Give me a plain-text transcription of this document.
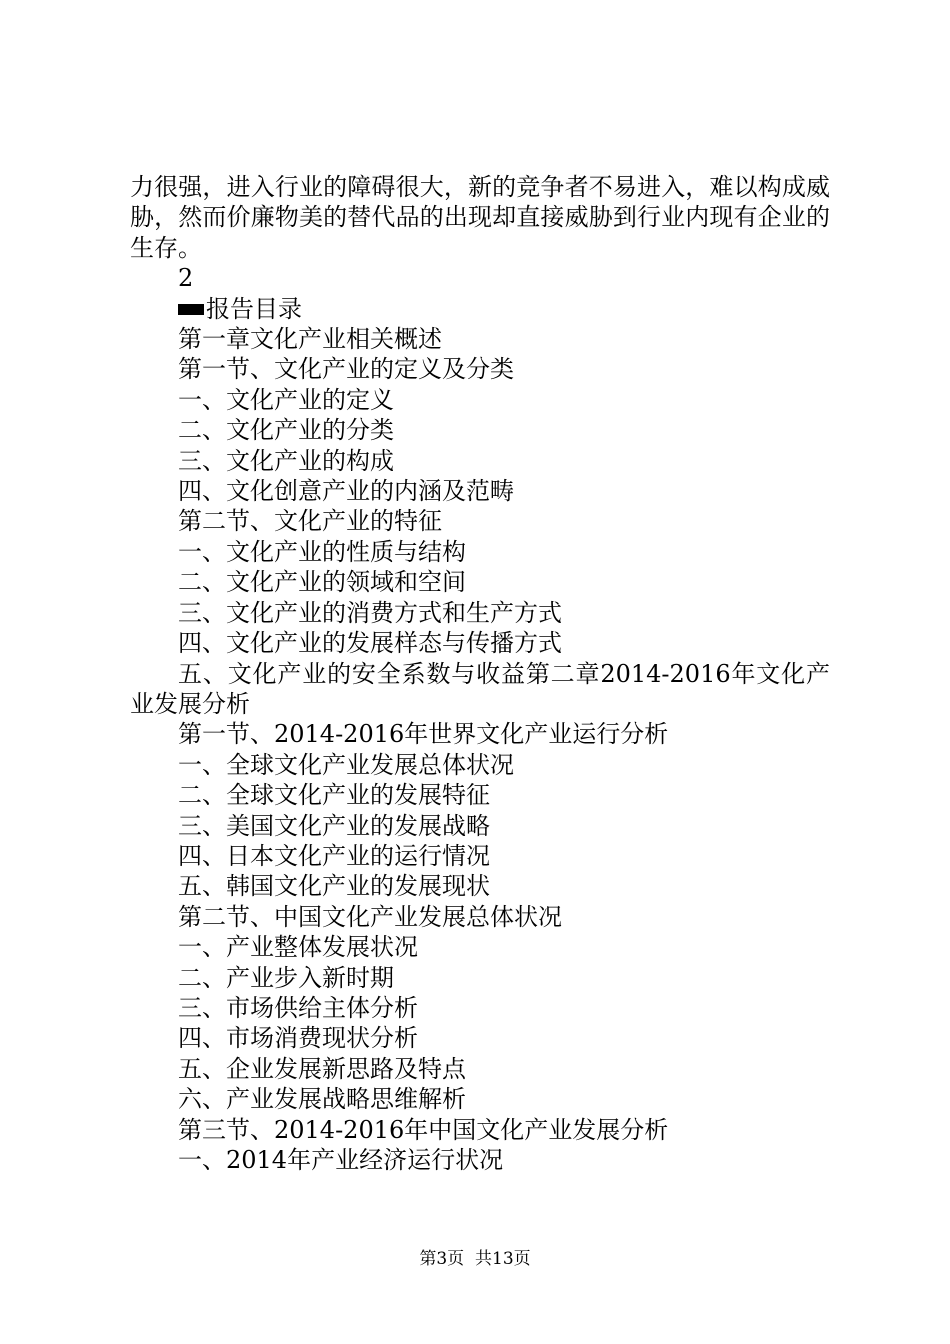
力很强，进入行业的障碍很大，新的竞争者不易进入，难以构成威胁，然而价廉物美的替代品的出现却直接威胁到行业内现有企业的生存。

2

报告目录

第一章文化产业相关概述

第一节、文化产业的定义及分类

一、文化产业的定义

二、文化产业的分类

三、文化产业的构成

四、文化创意产业的内涵及范畴

第二节、文化产业的特征

一、文化产业的性质与结构

二、文化产业的领域和空间

三、文化产业的消费方式和生产方式

四、文化产业的发展样态与传播方式

五、文化产业的安全系数与收益第二章2014-2016年文化产业发展分析

第一节、2014-2016年世界文化产业运行分析

一、全球文化产业发展总体状况

二、全球文化产业的发展特征

三、美国文化产业的发展战略

四、日本文化产业的运行情况

五、韩国文化产业的发展现状

第二节、中国文化产业发展总体状况

一、产业整体发展状况

二、产业步入新时期

三、市场供给主体分析

四、市场消费现状分析

五、企业发展新思路及特点

六、产业发展战略思维解析

第三节、2014-2016年中国文化产业发展分析

一、2014年产业经济运行状况

第3页 共13页
